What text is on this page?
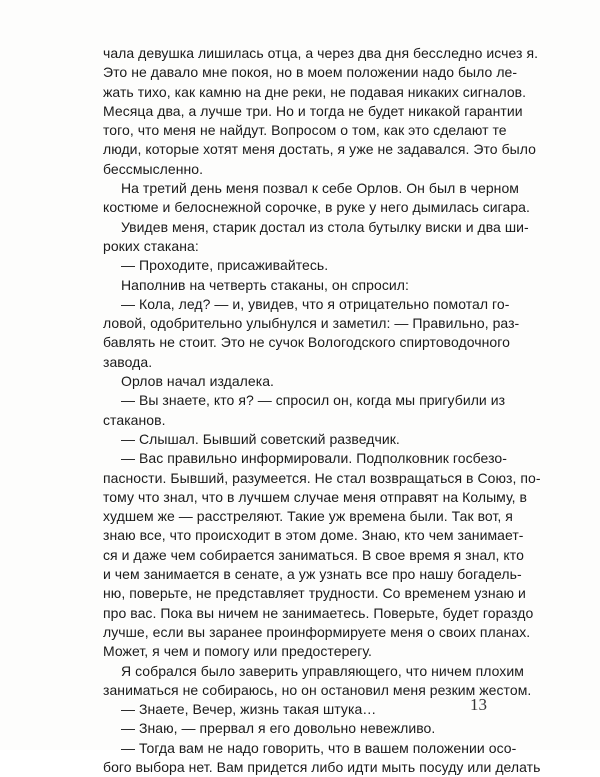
чала девушка лишилась отца, а через два дня бесследно исчез я.
Это не давало мне покоя, но в моем положении надо было ле-
жать тихо, как камню на дне реки, не подавая никаких сигналов.
Месяца два, а лучше три. Но и тогда не будет никакой гарантии
того, что меня не найдут. Вопросом о том, как это сделают те
люди, которые хотят меня достать, я уже не задавался. Это было
бессмысленно.
На третий день меня позвал к себе Орлов. Он был в черном
костюме и белоснежной сорочке, в руке у него дымилась сигара.
Увидев меня, старик достал из стола бутылку виски и два ши-
роких стакана:
— Проходите, присаживайтесь.
Наполнив на четверть стаканы, он спросил:
— Кола, лед? — и, увидев, что я отрицательно помотал го-
ловой, одобрительно улыбнулся и заметил: — Правильно, раз-
бавлять не стоит. Это не сучок Вологодского спиртоводочного
завода.
Орлов начал издалека.
— Вы знаете, кто я? — спросил он, когда мы пригубили из
стаканов.
— Слышал. Бывший советский разведчик.
— Вас правильно информировали. Подполковник госбезо-
пасности. Бывший, разумеется. Не стал возвращаться в Союз, по-
тому что знал, что в лучшем случае меня отправят на Колыму, в
худшем же — расстреляют. Такие уж времена были. Так вот, я
знаю все, что происходит в этом доме. Знаю, кто чем занимает-
ся и даже чем собирается заниматься. В свое время я знал, кто
и чем занимается в сенате, а уж узнать все про нашу богадель-
ню, поверьте, не представляет трудности. Со временем узнаю и
про вас. Пока вы ничем не занимаетесь. Поверьте, будет гораздо
лучше, если вы заранее проинформируете меня о своих планах.
Может, я чем и помогу или предостерегу.
Я собрался было заверить управляющего, что ничем плохим
заниматься не собираюсь, но он остановил меня резким жестом.
— Знаете, Вечер, жизнь такая штука…
— Знаю, — прервал я его довольно невежливо.
— Тогда вам не надо говорить, что в вашем положении осо-
бого выбора нет. Вам придется либо идти мыть посуду или делать
13
